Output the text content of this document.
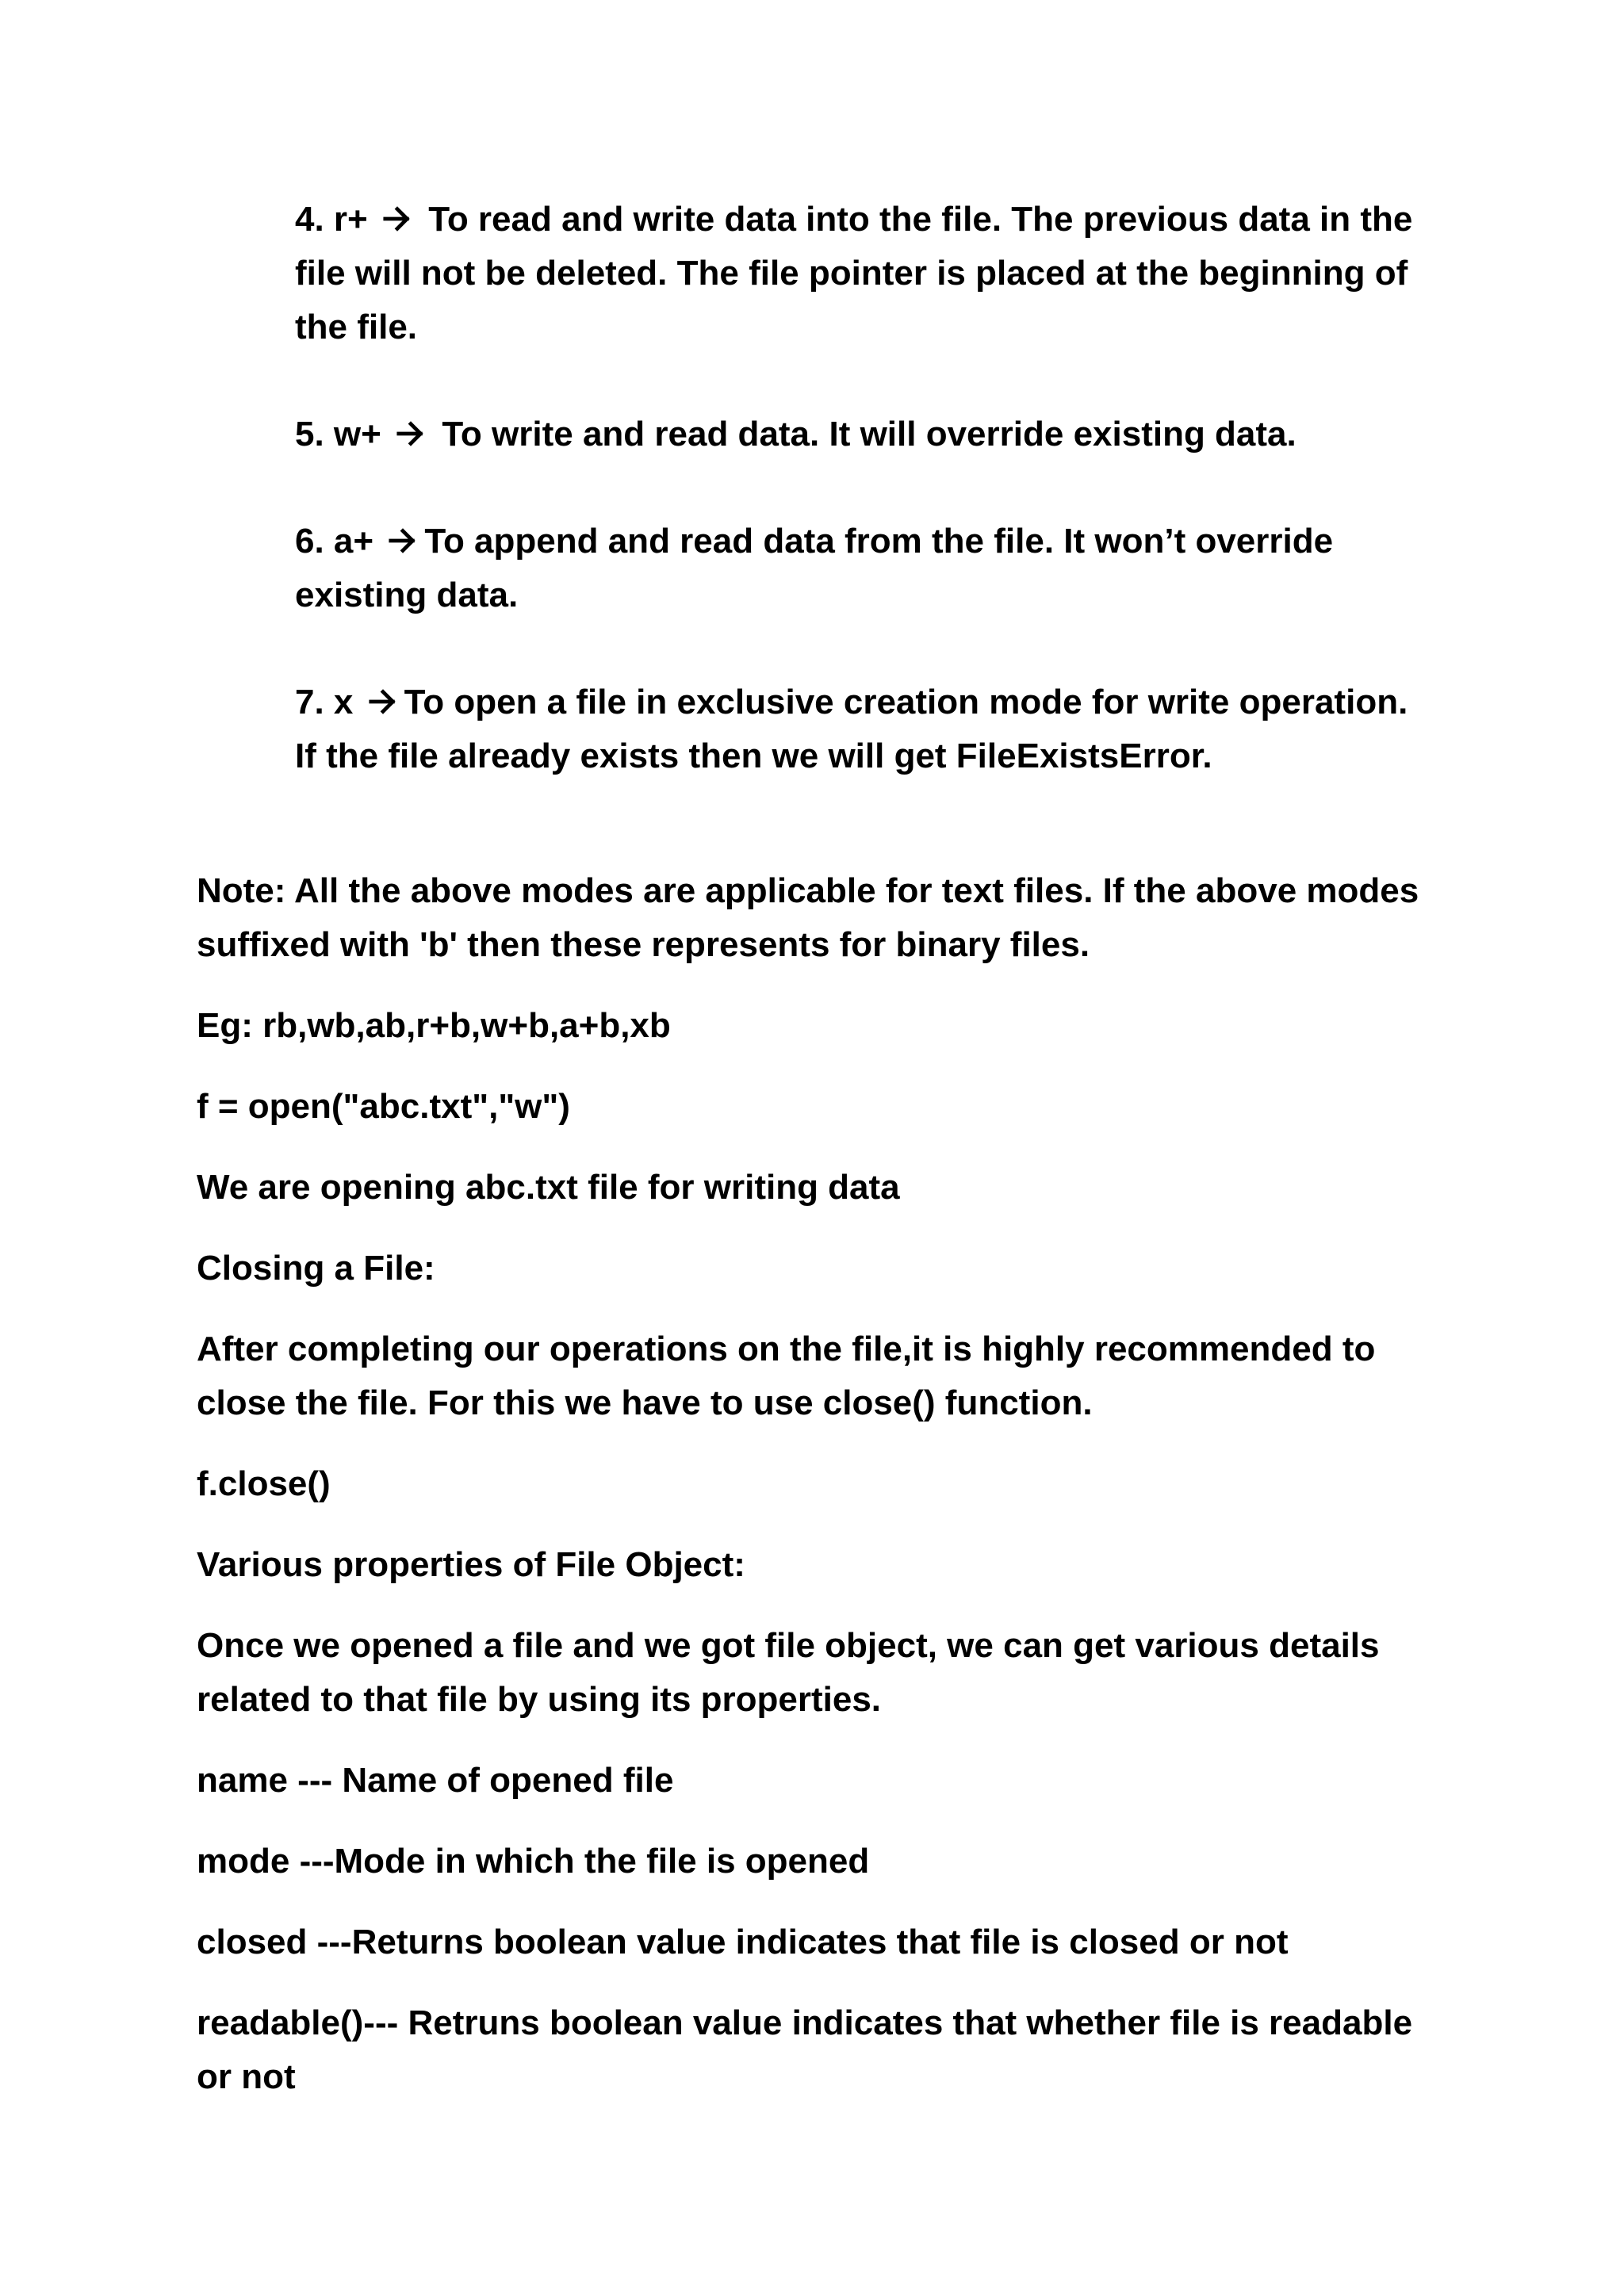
4. r+ To read and write data into the file. The previous data in the file will not be deleted. The file pointer is placed at the beginning of the file.
5. w+ To write and read data. It will override existing data.
6. a+ To append and read data from the file. It won’t override existing data.
7. x To open a file in exclusive creation mode for write operation. If the file already exists then we will get FileExistsError.

Note: All the above modes are applicable for text files. If the above modes suffixed with 'b' then these represents for binary files.

Eg: rb,wb,ab,r+b,w+b,a+b,xb

f = open("abc.txt","w")

We are opening abc.txt file for writing data

Closing a File:

After completing our operations on the file,it is highly recommended to close the file. For this we have to use close() function.

f.close()

Various properties of File Object:

Once we opened a file and we got file object, we can get various details related to that file by using its properties.

name --- Name of opened file

mode ---Mode in which the file is opened

closed ---Returns boolean value indicates that file is closed or not

readable()--- Retruns boolean value indicates that whether file is readable or not
